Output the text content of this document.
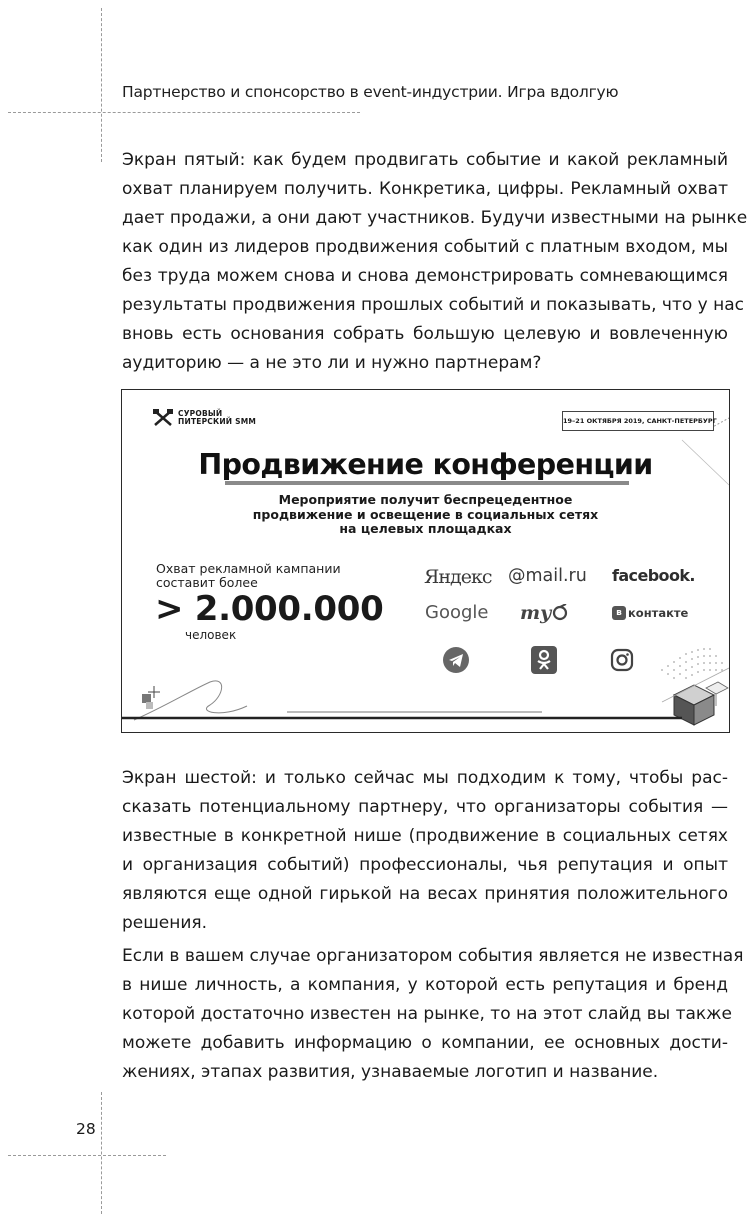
Партнерство и спонсорство в event-индустрии. Игра вдолгую
Экран пятый: как будем продвигать событие и какой рекламный
охват планируем получить. Конкретика, цифры. Рекламный охват
дает продажи, а они дают участников. Будучи известными на рынке
как один из лидеров продвижения событий с платным входом, мы
без труда можем снова и снова демонстрировать сомневающимся
результаты продвижения прошлых событий и показывать, что у нас
вновь есть основания собрать большую целевую и вовлеченную
аудиторию — а не это ли и нужно партнерам?
СУРОВЫЙ
ПИТЕРСКИЙ SMM	19–21 ОКТЯБРЯ 2019, САНКТ-ПЕТЕРБУРГ
Продвижение конференции
Мероприятие получит беспрецедентное
продвижение и освещение в социальных сетях
на целевых площадках
Охват рекламной кампании
составит более
> 2.000.000
человек
Яндекс @mail.ru facebook.
Google my	в контакте
Экран шестой: и только сейчас мы подходим к тому, чтобы рас-
сказать потенциальному партнеру, что организаторы события —
известные в конкретной нише (продвижение в социальных сетях
и организация событий) профессионалы, чья репутация и опыт
являются еще одной гирькой на весах принятия положительного
решения.
Если в вашем случае организатором события является не известная
в нише личность, а компания, у которой есть репутация и бренд
которой достаточно известен на рынке, то на этот слайд вы также
можете добавить информацию о компании, ее основных дости-
жениях, этапах развития, узнаваемые логотип и название.
28
